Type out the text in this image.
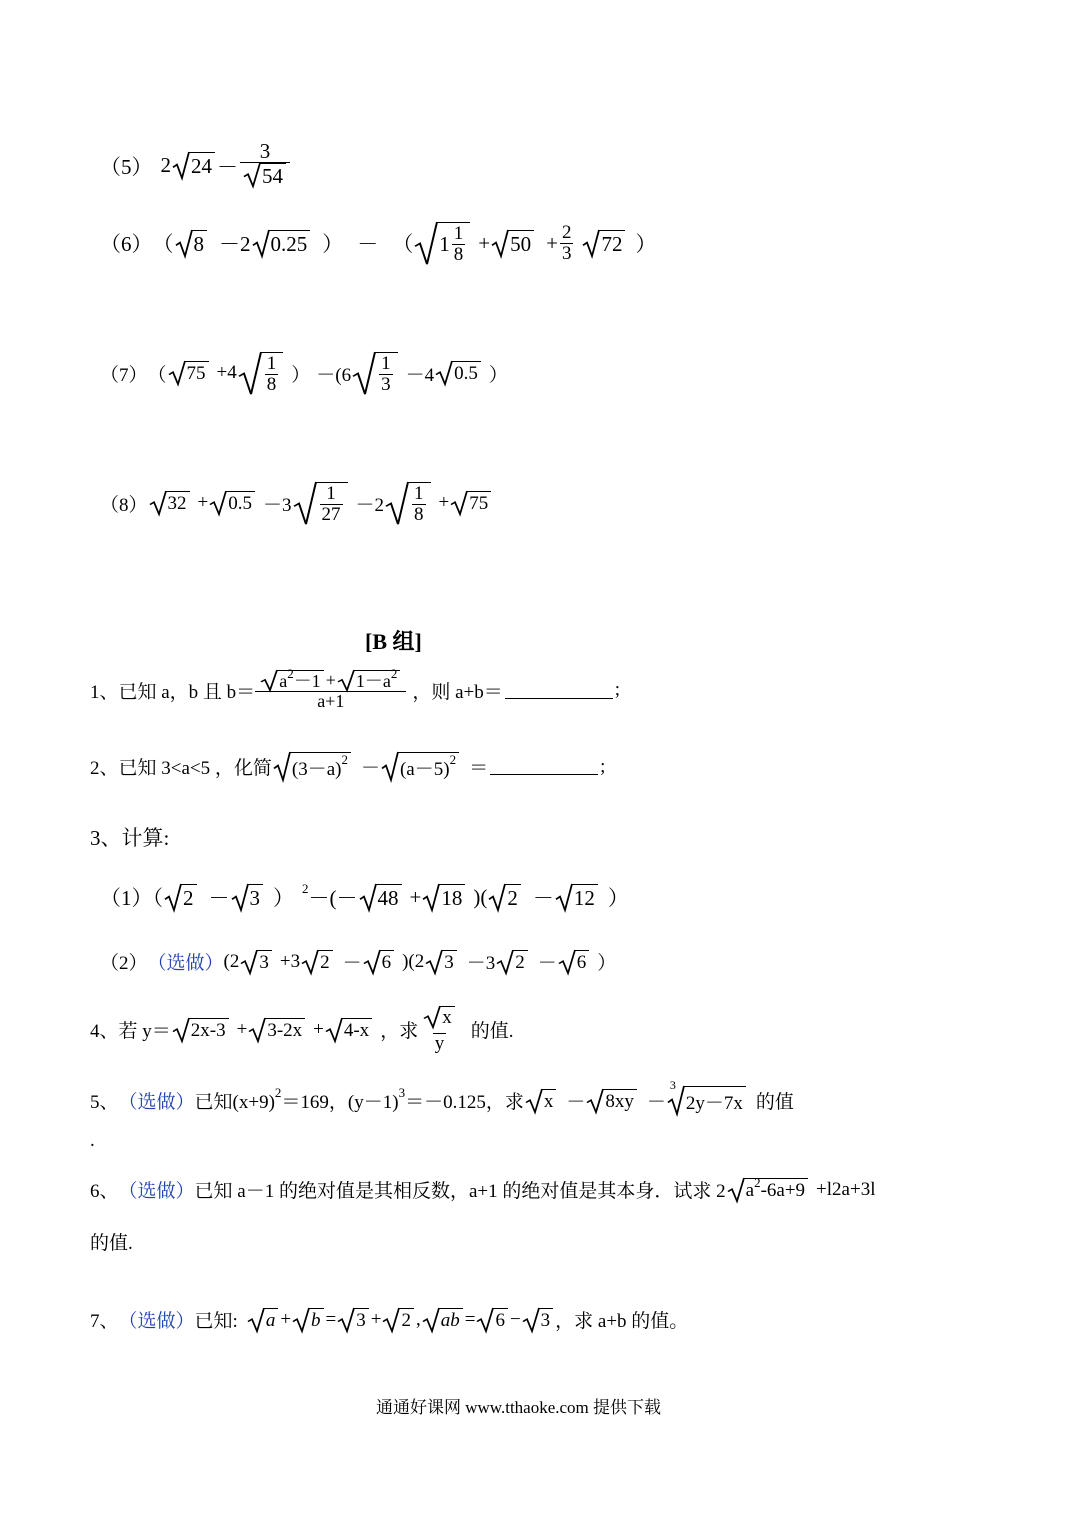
（5） 2 $24 - \frac{3}{54}$
（6） （ 8 －2 0.25 ） － （ $1 \frac{1}{8} + 50 + \frac{2}{3} 72$ ）
（7） （ $75 +4 \frac{1}{8}$ ） $-(6 \frac{1}{3} -4$ 0.5 ）
（8） $32 + 0.5 -3 \frac{1}{27} -2 \frac{1}{8} + 75$
[B 组]
1、已知 a，b 且 $b= \frac{a 2 -1 + 1-a 2}{a+1}$ ，则 a+b＝	;
2、已知 3<a<5 ，化简 (3－a) 2 － (a－5) 2 ＝	;
3、计算:
（1）（ 2 － 3 ） 2 －(－ 48 + 18 )( 2 － 12 ）
（2） （选做） (2 3 +3 2 － 6 )(2 3 －3 2 － 6 ）
4、若 y＝ 2x-3 + 3-2x + 4-x ，求 $\frac{x}{y}$ 的值.
5、 （选做） 已知(x+9) 2 ＝169，(y－1) 3 ＝－0.125，求 x － 8xy －
3
2y－7x 的值
.
6、 （选做） 已知 a－1 的绝对值是其相反数，a+1 的绝对值是其本身．试求 2 a 2 -6a+9 +l2a+3l
的值.
7、 （选做） 已知: a + b = 3 + 2 , ab = 6 − 3 ，求 a+b 的值。
通通好课网 www.tthaoke.com 提供下载
